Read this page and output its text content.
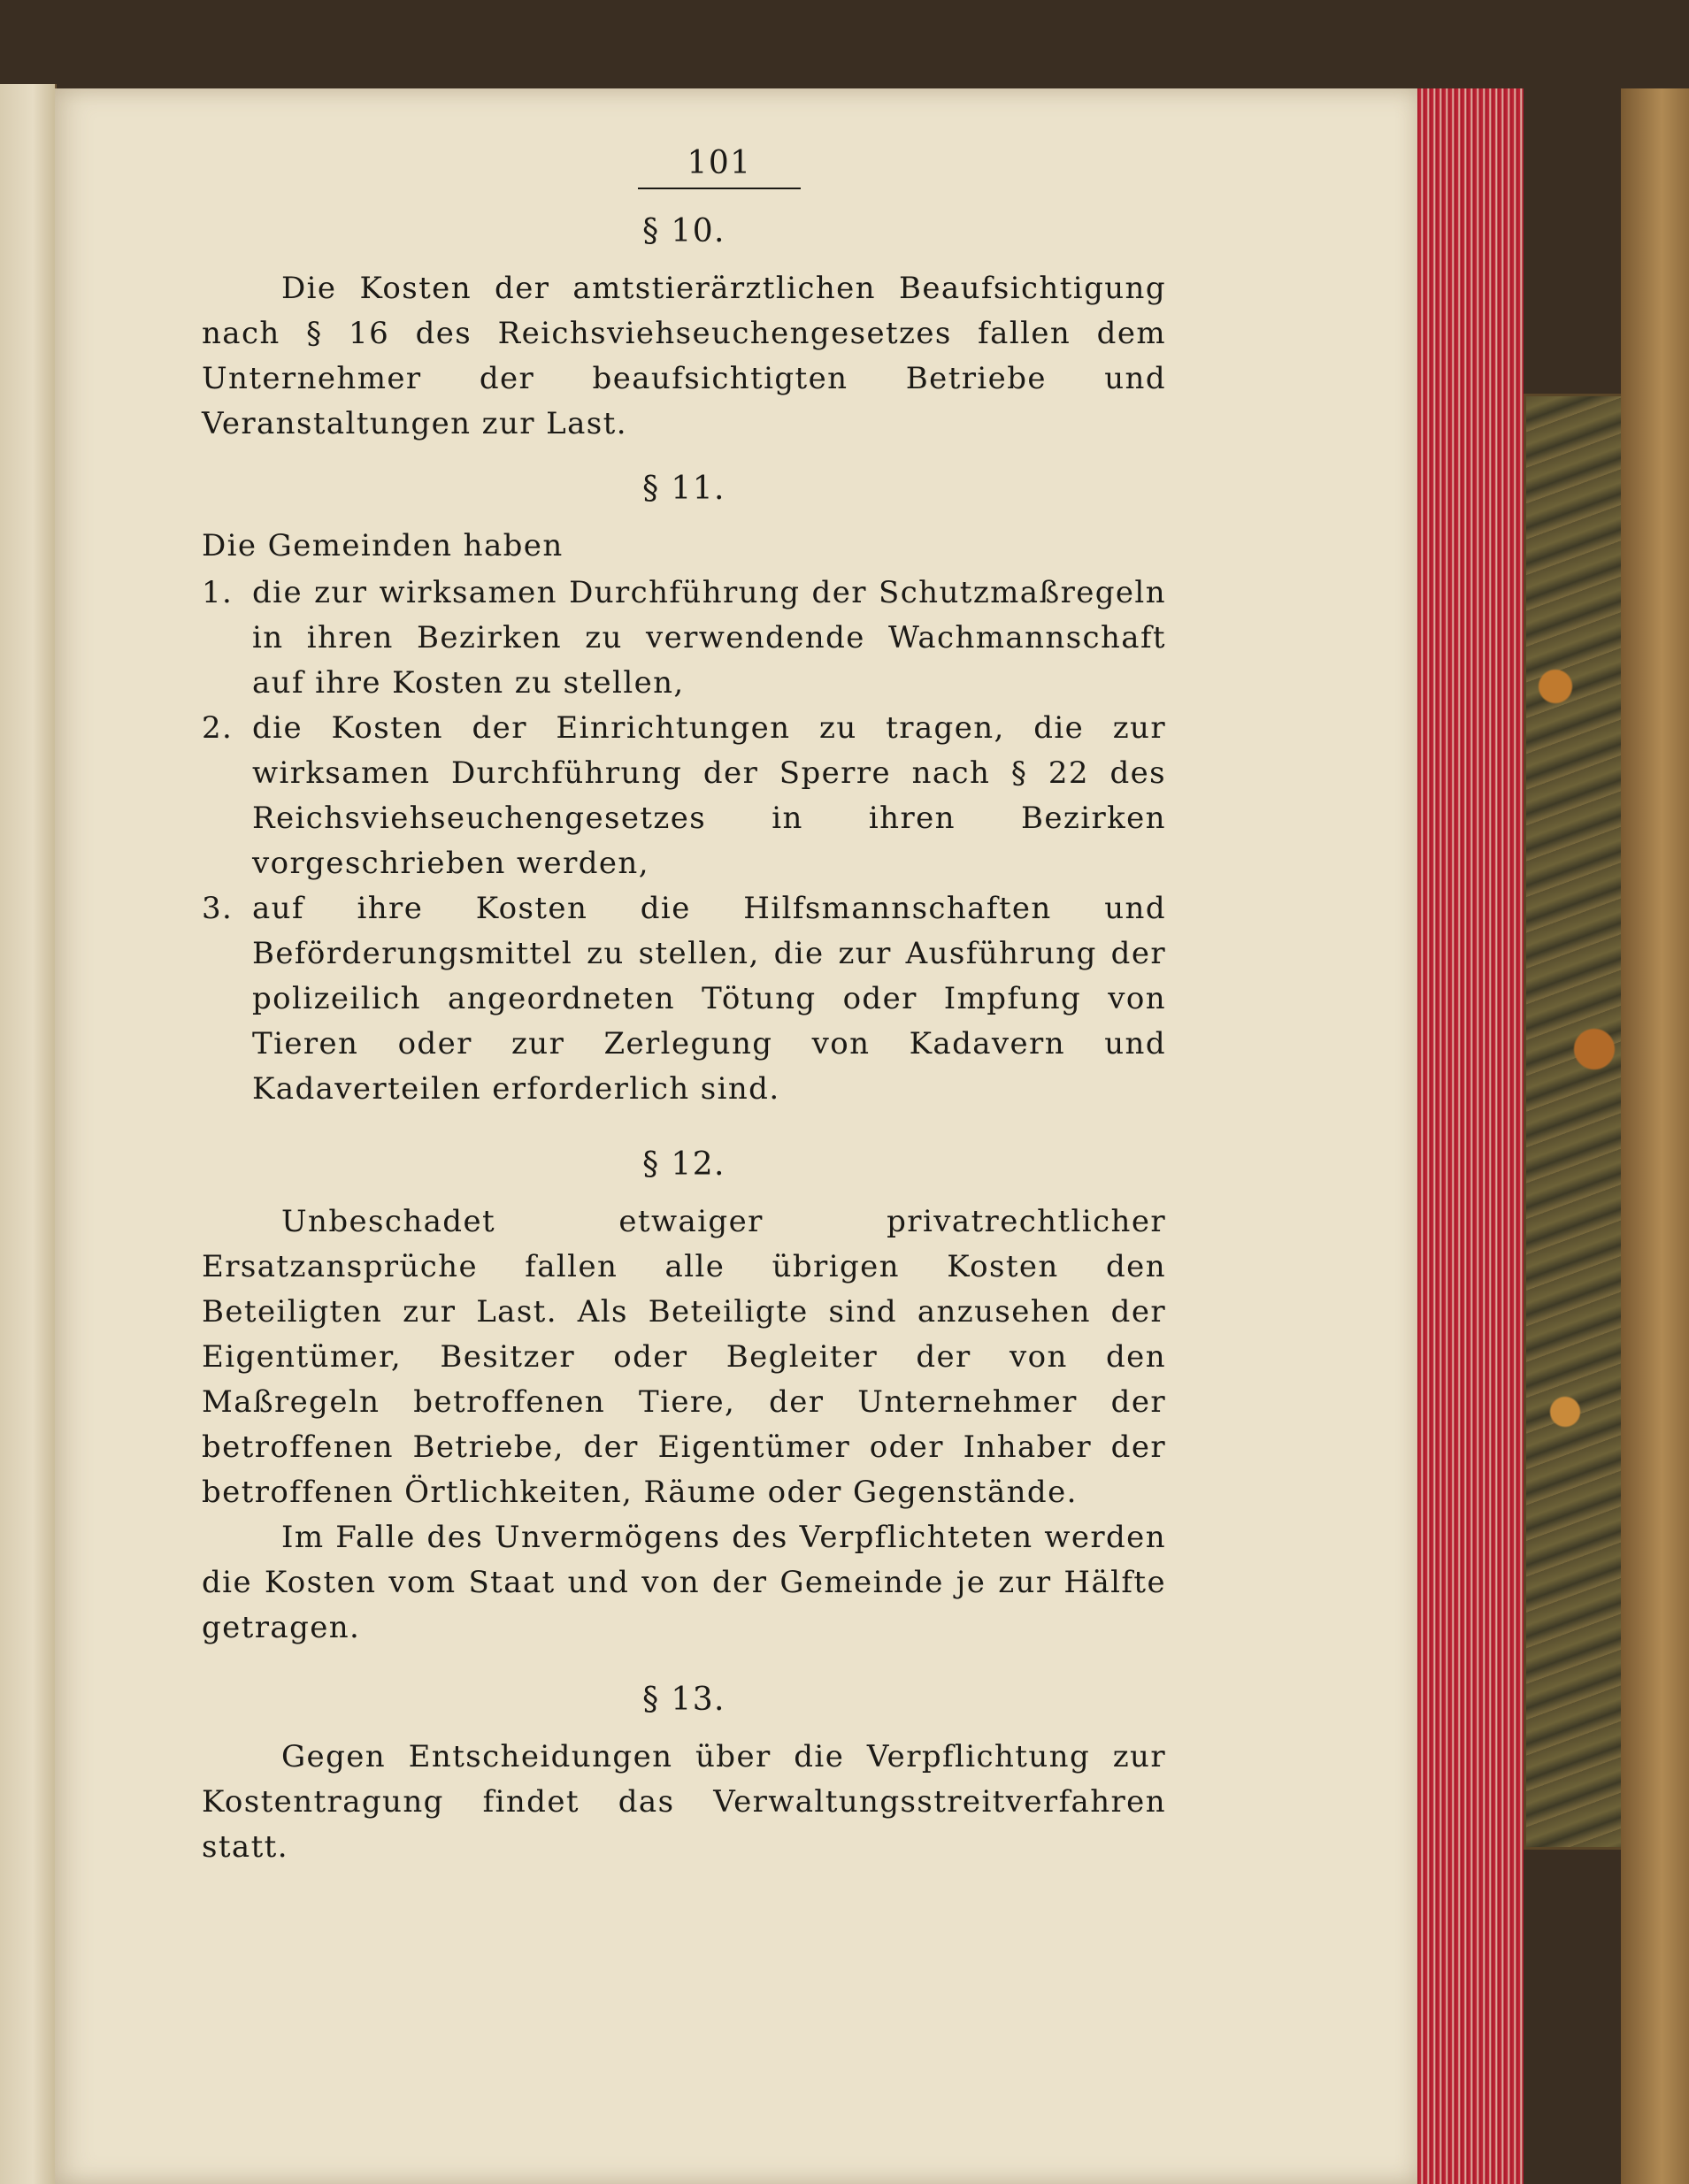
101
§ 10.

Die Kosten der amtstierärztlichen Beaufsichtigung nach § 16 des Reichsviehseuchengesetzes fallen dem Unternehmer der beaufsichtigten Betriebe und Veranstaltungen zur Last.

§ 11.

Die Gemeinden haben

1. die zur wirksamen Durchführung der Schutzmaßregeln in ihren Bezirken zu verwendende Wachmannschaft auf ihre Kosten zu stellen,
2. die Kosten der Einrichtungen zu tragen, die zur wirksamen Durchführung der Sperre nach § 22 des Reichsviehseuchengesetzes in ihren Bezirken vorgeschrieben werden,
3. auf ihre Kosten die Hilfsmannschaften und Beförderungsmittel zu stellen, die zur Ausführung der polizeilich angeordneten Tötung oder Impfung von Tieren oder zur Zerlegung von Kadavern und Kadaverteilen erforderlich sind.
§ 12.

Unbeschadet etwaiger privatrechtlicher Ersatzansprüche fallen alle übrigen Kosten den Beteiligten zur Last. Als Beteiligte sind anzusehen der Eigentümer, Besitzer oder Begleiter der von den Maßregeln betroffenen Tiere, der Unternehmer der betroffenen Betriebe, der Eigentümer oder Inhaber der betroffenen Örtlichkeiten, Räume oder Gegenstände.

Im Falle des Unvermögens des Verpflichteten werden die Kosten vom Staat und von der Gemeinde je zur Hälfte getragen.

§ 13.

Gegen Entscheidungen über die Verpflichtung zur Kostentragung findet das Verwaltungsstreitverfahren statt.
